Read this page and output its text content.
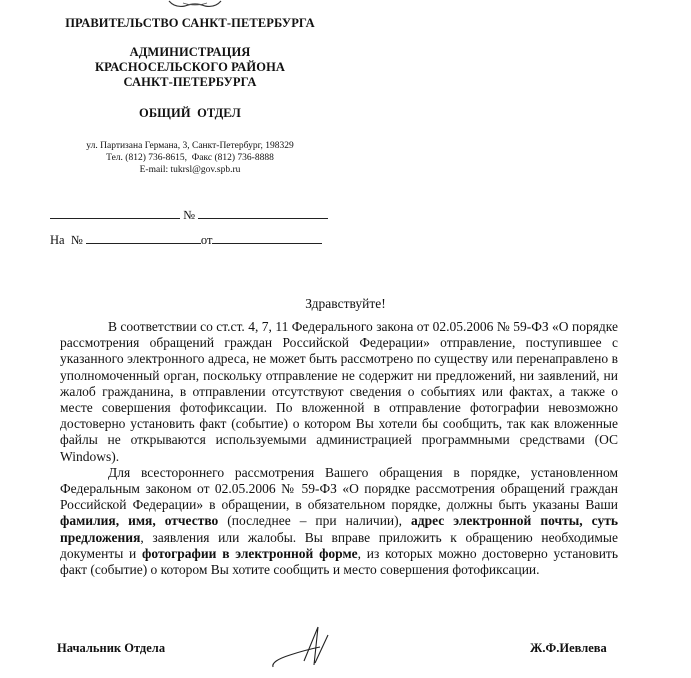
ПРАВИТЕЛЬСТВО САНКТ-ПЕТЕРБУРГА
АДМИНИСТРАЦИЯ
КРАСНОСЕЛЬСКОГО РАЙОНА
САНКТ-ПЕТЕРБУРГА
ОБЩИЙ  ОТДЕЛ
ул. Партизана Германа, 3, Санкт-Петербург, 198329
Тел. (812) 736-8615,  Факс (812) 736-8888
E-mail: tukrsl@gov.spb.ru
№
На  №	от
Здравствуйте!

В соответствии со ст.ст. 4, 7, 11 Федерального закона от 02.05.2006 № 59-ФЗ «О порядке рассмотрения обращений граждан Российской Федерации» отправление, поступившее с указанного электронного адреса, не может быть рассмотрено по существу или перенаправлено в уполномоченный орган, поскольку отправление не содержит ни предложений, ни заявлений, ни жалоб гражданина, в отправлении отсутствуют сведения о событиях или фактах, а также о месте совершения фотофиксации. По вложенной в отправление фотографии невозможно достоверно установить факт (событие) о котором Вы хотели бы сообщить, так как вложенные файлы не открываются используемыми администрацией программными средствами (ОС Windows).

Для всестороннего рассмотрения Вашего обращения в порядке, установленном Федеральным законом от 02.05.2006 № 59-ФЗ «О порядке рассмотрения обращений граждан Российской Федерации» в обращении, в обязательном порядке, должны быть указаны Ваши фамилия, имя, отчество (последнее – при наличии), адрес электронной почты, суть предложения, заявления или жалобы. Вы вправе приложить к обращению необходимые документы и фотографии в электронной форме, из которых можно достоверно установить факт (событие) о котором Вы хотите сообщить и место совершения фотофиксации.

Начальник Отдела	Ж.Ф.Иевлева
